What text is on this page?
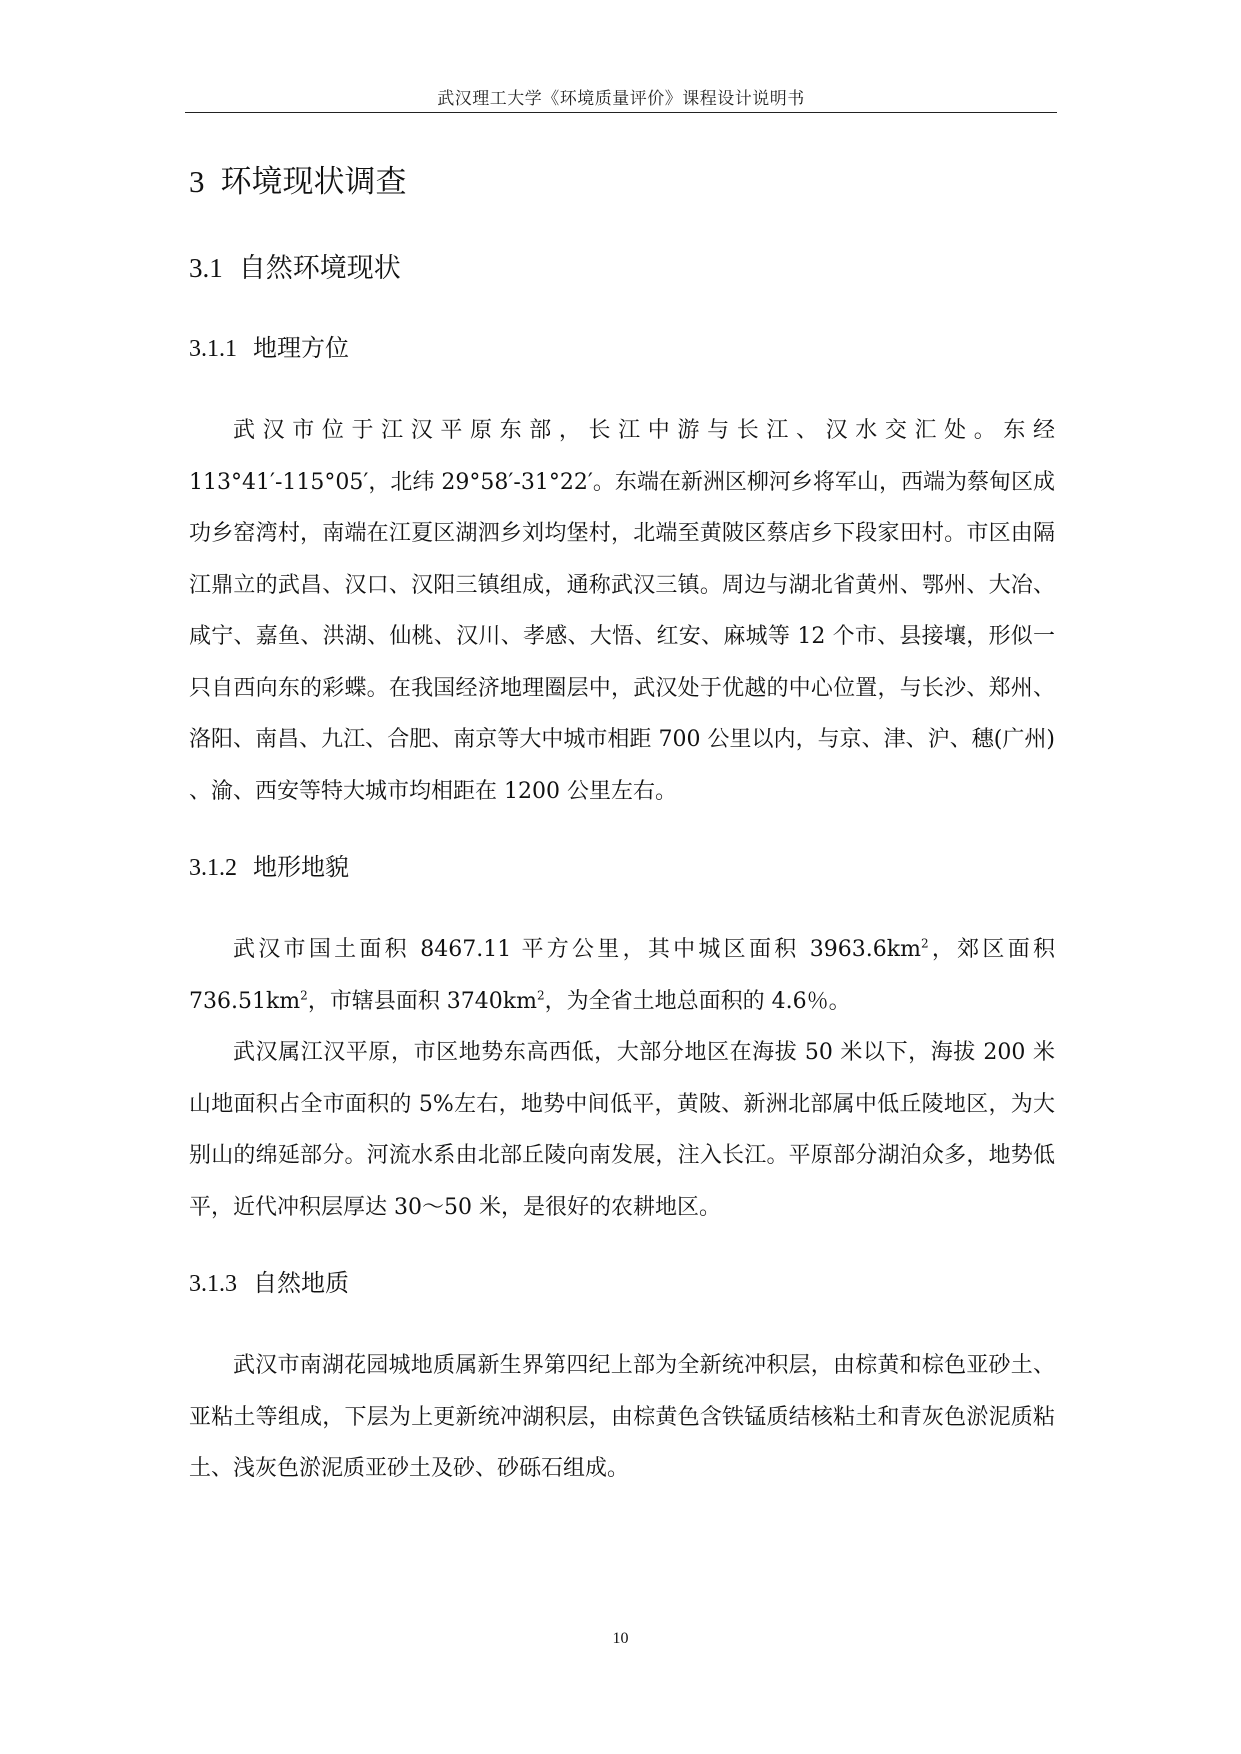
武汉理工大学《环境质量评价》课程设计说明书
3 环境现状调查
3.1 自然环境现状
3.1.1 地理方位

武汉市位于江汉平原东部，长江中游与长江、汉水交汇处。东经 113°41′-115°05′，北纬 29°58′-31°22′。东端在新洲区柳河乡将军山，西端为蔡甸区成功乡窑湾村，南端在江夏区湖泗乡刘均堡村，北端至黄陂区蔡店乡下段家田村。市区由隔江鼎立的武昌、汉口、汉阳三镇组成，通称武汉三镇。周边与湖北省黄州、鄂州、大冶、咸宁、嘉鱼、洪湖、仙桃、汉川、孝感、大悟、红安、麻城等 12 个市、县接壤，形似一只自西向东的彩蝶。在我国经济地理圈层中，武汉处于优越的中心位置，与长沙、郑州、洛阳、南昌、九江、合肥、南京等大中城市相距 700 公里以内，与京、津、沪、穗(广州) 、渝、西安等特大城市均相距在 1200 公里左右。

3.1.2 地形地貌

武汉市国土面积 8467.11 平方公里，其中城区面积 $3963.6km^2$，郊区面积 $736.51km^2$，市辖县面积 $3740km^2$，为全省土地总面积的 4.6％。

武汉属江汉平原，市区地势东高西低，大部分地区在海拔 50 米以下，海拔 200 米山地面积占全市面积的 5%左右，地势中间低平，黄陂、新洲北部属中低丘陵地区，为大别山的绵延部分。河流水系由北部丘陵向南发展，注入长江。平原部分湖泊众多，地势低平，近代冲积层厚达 30～50 米，是很好的农耕地区。

3.1.3 自然地质

武汉市南湖花园城地质属新生界第四纪上部为全新统冲积层，由棕黄和棕色亚砂土、亚粘土等组成，下层为上更新统冲湖积层，由棕黄色含铁锰质结核粘土和青灰色淤泥质粘土、浅灰色淤泥质亚砂土及砂、砂砾石组成。

10
